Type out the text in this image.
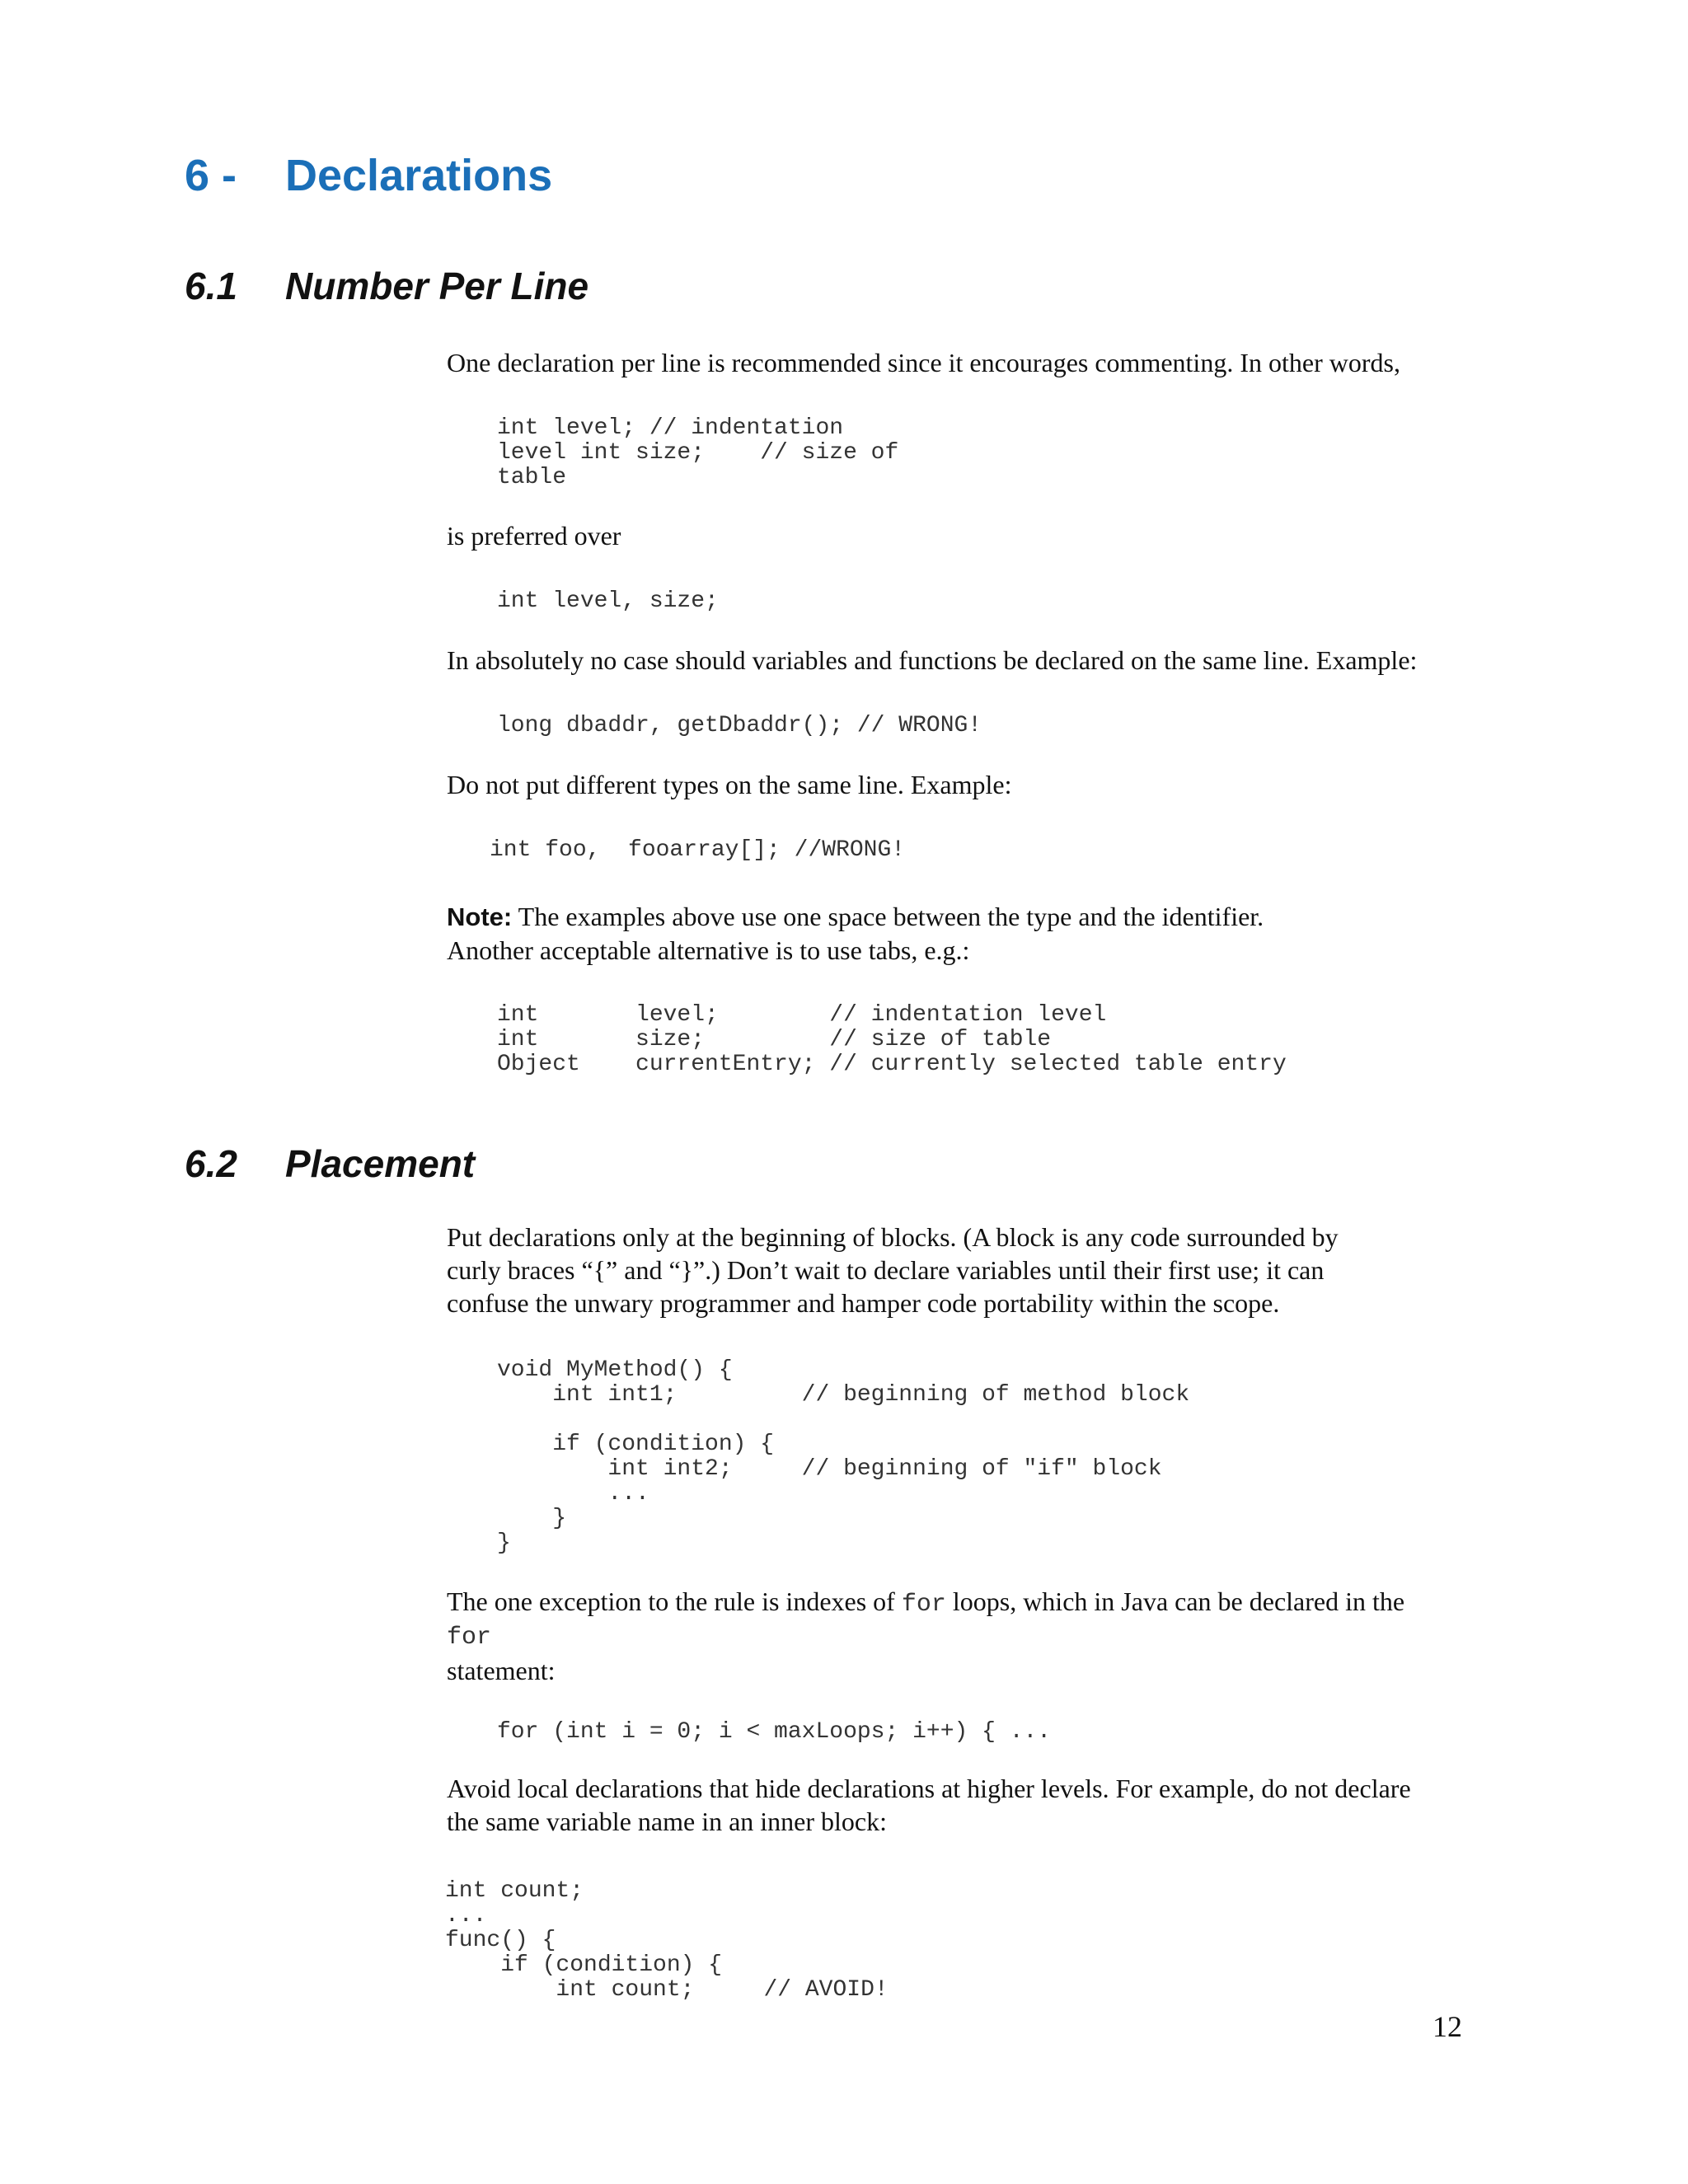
6 - Declarations
6.1 Number Per Line

One declaration per line is recommended since it encourages commenting. In other words,

int level; // indentation
level int size;    // size of
table

is preferred over

int level, size;

In absolutely no case should variables and functions be declared on the same line. Example:

long dbaddr, getDbaddr(); // WRONG!

Do not put different types on the same line. Example:

int foo,  fooarray[]; //WRONG!

Note: The examples above use one space between the type and the identifier.
Another acceptable alternative is to use tabs, e.g.:

int       level;        // indentation level
int       size;         // size of table
Object    currentEntry; // currently selected table entry
6.2 Placement

Put declarations only at the beginning of blocks. (A block is any code surrounded by
curly braces “{” and “}”.) Don’t wait to declare variables until their first use; it can
confuse the unwary programmer and hamper code portability within the scope.

void MyMethod() {
int int1;         // beginning of method block

if (condition) {
int int2;     // beginning of "if" block
...
}
}

The one exception to the rule is indexes of for loops, which in Java can be declared in the
for
statement:

for (int i = 0; i < maxLoops; i++) { ...

Avoid local declarations that hide declarations at higher levels. For example, do not declare
the same variable name in an inner block:

int count;
...
func() {
if (condition) {
int count;     // AVOID!
12
